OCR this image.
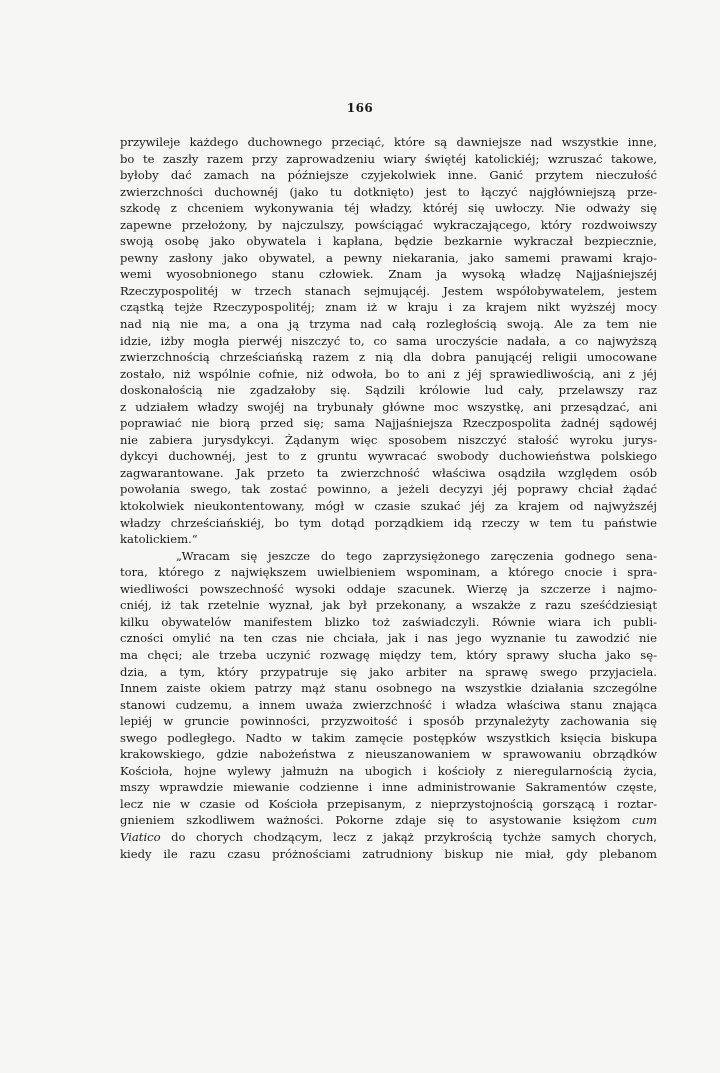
166
przywileje każdego duchownego przeciąć, które są dawniejsze nad wszystkie inne,
bo te zaszły razem przy zaprowadzeniu wiary świętéj katolickiéj; wzruszać takowe,
byłoby dać zamach na późniejsze czyjekolwiek inne. Ganić przytem nieczułość
zwierzchności duchownéj (jako tu dotknięto) jest to łączyć najgłówniejszą prze-
szkodę z chceniem wykonywania téj władzy, któréj się uwłoczy. Nie odważy się
zapewne przełożony, by najczulszy, powściągać wykraczającego, który rozdwoiwszy
swoją osobę jako obywatela i kapłana, będzie bezkarnie wykraczał bezpiecznie,
pewny zasłony jako obywatel, a pewny niekarania, jako samemi prawami krajo-
wemi wyosobnionego stanu człowiek. Znam ja wysoką władzę Najjaśniejszéj
Rzeczypospolitéj w trzech stanach sejmującéj. Jestem współobywatelem, jestem
cząstką tejże Rzeczypospolitéj; znam iż w kraju i za krajem nikt wyższéj mocy
nad nią nie ma, a ona ją trzyma nad całą rozległością swoją. Ale za tem nie
idzie, iżby mogła pierwéj niszczyć to, co sama uroczyście nadała, a co najwyższą
zwierzchnością chrześciańską razem z nią dla dobra panującéj religii umocowane
zostało, niż wspólnie cofnie, niż odwoła, bo to ani z jéj sprawiedliwością, ani z jéj
doskonałością nie zgadzałoby się. Sądzili królowie lud cały, przelawszy raz
z udziałem władzy swojéj na trybunały główne moc wszystkę, ani przesądzać, ani
poprawiać nie biorą przed się; sama Najjaśniejsza Rzeczpospolita żadnéj sądowéj
nie zabiera jurysdykcyi. Żądanym więc sposobem niszczyć stałość wyroku jurys-
dykcyi duchownéj, jest to z gruntu wywracać swobody duchowieństwa polskiego
zagwarantowane. Jak przeto ta zwierzchność właściwa osądziła względem osób
powołania swego, tak zostać powinno, a jeżeli decyzyi jéj poprawy chciał żądać
ktokolwiek nieukontentowany, mógł w czasie szukać jéj za krajem od najwyższéj
władzy chrześciańskiéj, bo tym dotąd porządkiem idą rzeczy w tem tu państwie
katolickiem.“
„Wracam się jeszcze do tego zaprzysiężonego zaręczenia godnego sena-
tora, którego z największem uwielbieniem wspominam, a którego cnocie i spra-
wiedliwości powszechność wysoki oddaje szacunek. Wierzę ja szczerze i najmo-
cniéj, iż tak rzetelnie wyznał, jak był przekonany, a wszakże z razu sześćdziesiąt
kilku obywatelów manifestem blizko toż zaświadczyli. Równie wiara ich publi-
czności omylić na ten czas nie chciała, jak i nas jego wyznanie tu zawodzić nie
ma chęci; ale trzeba uczynić rozwagę między tem, który sprawy słucha jako sę-
dzia, a tym, który przypatruje się jako arbiter na sprawę swego przyjaciela.
Innem zaiste okiem patrzy mąż stanu osobnego na wszystkie działania szczególne
stanowi cudzemu, a innem uważa zwierzchność i władza właściwa stanu znająca
lepiéj w gruncie powinności, przyzwoitość i sposób przynależyty zachowania się
swego podległego. Nadto w takim zamęcie postępków wszystkich księcia biskupa
krakowskiego, gdzie nabożeństwa z nieuszanowaniem w sprawowaniu obrządków
Kościoła, hojne wylewy jałmużn na ubogich i kościoły z nieregularnością życia,
mszy wprawdzie miewanie codzienne i inne administrowanie Sakramentów częste,
lecz nie w czasie od Kościoła przepisanym, z nieprzystojnością gorszącą i roztar-
gnieniem szkodliwem ważności. Pokorne zdaje się to asystowanie księżom cum
Viatico do chorych chodzącym, lecz z jakąż przykrością tychże samych chorych,
kiedy ile razu czasu próżnościami zatrudniony biskup nie miał, gdy plebanom
